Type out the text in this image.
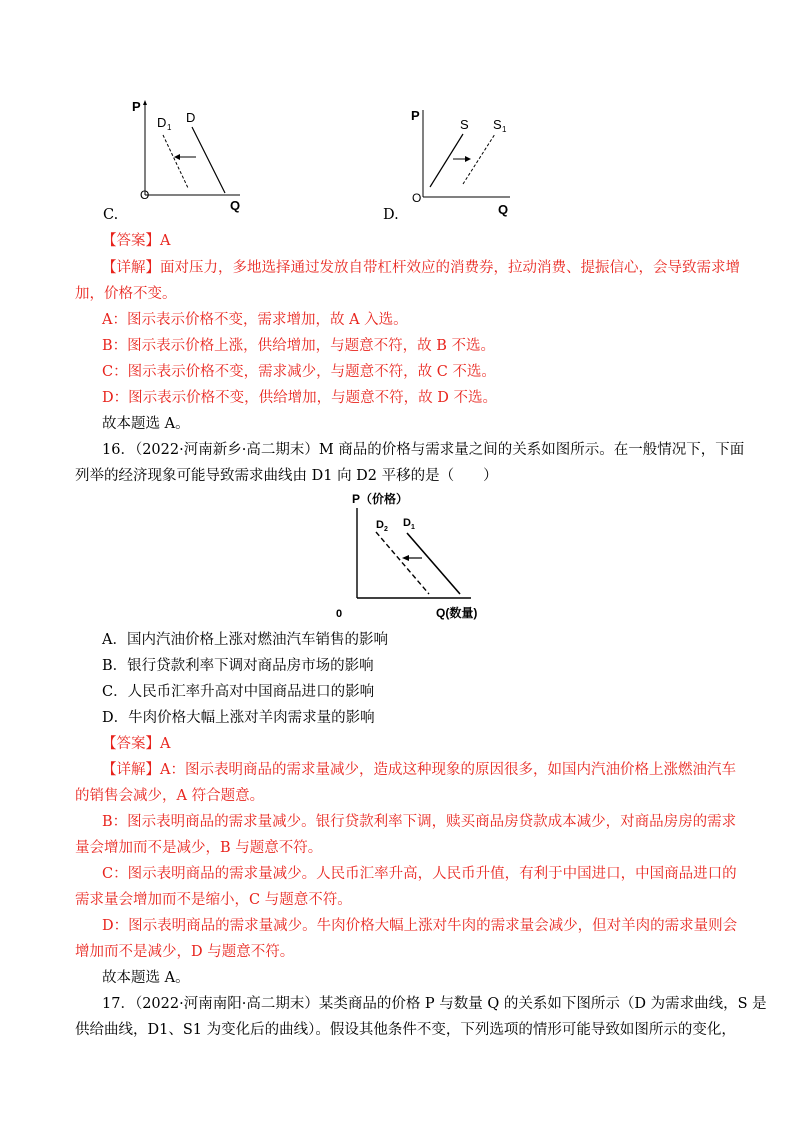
C.
P
D 1
D
O
Q
D.
P
S S 1
O
Q
【答案】A
【详解】面对压力，多地选择通过发放自带杠杆效应的消费券，拉动消费、提振信心，会导致需求增
加，价格不变。
A：图示表示价格不变，需求增加，故 A 入选。
B：图示表示价格上涨，供给增加，与题意不符，故 B 不选。
C：图示表示价格不变，需求减少，与题意不符，故 C 不选。
D：图示表示价格不变，供给增加，与题意不符，故 D 不选。
故本题选 A。
16．（2022·河南新乡·高二期末）M 商品的价格与需求量之间的关系如图所示。在一般情况下，下面
列举的经济现象可能导致需求曲线由 D1 向 D2 平移的是（　　）
P（价格）
D 2
D 1
0	Q(数量)
A．国内汽油价格上涨对燃油汽车销售的影响
B．银行贷款利率下调对商品房市场的影响
C．人民币汇率升高对中国商品进口的影响
D．牛肉价格大幅上涨对羊肉需求量的影响
【答案】A
【详解】A：图示表明商品的需求量减少，造成这种现象的原因很多，如国内汽油价格上涨燃油汽车
的销售会减少，A 符合题意。
B：图示表明商品的需求量减少。银行贷款利率下调，赎买商品房贷款成本减少，对商品房房的需求
量会增加而不是减少，B 与题意不符。
C：图示表明商品的需求量减少。人民币汇率升高，人民币升值，有利于中国进口，中国商品进口的
需求量会增加而不是缩小，C 与题意不符。
D：图示表明商品的需求量减少。牛肉价格大幅上涨对牛肉的需求量会减少，但对羊肉的需求量则会
增加而不是减少，D 与题意不符。
故本题选 A。
17．（2022·河南南阳·高二期末）某类商品的价格 P 与数量 Q 的关系如下图所示（D 为需求曲线，S 是
供给曲线，D1、S1 为变化后的曲线）。假设其他条件不变，下列选项的情形可能导致如图所示的变化，
